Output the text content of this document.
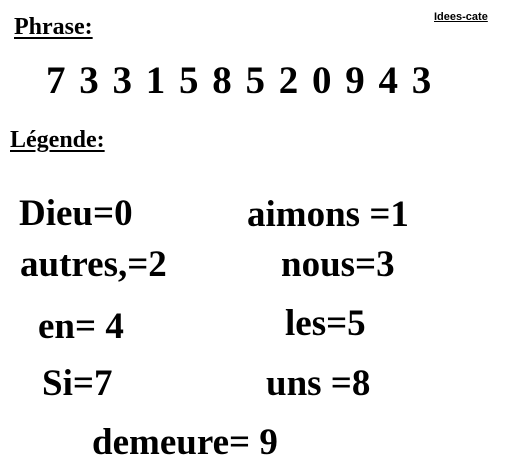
Phrase:	Idees-cate
7 3 3 1 5 8 5 2 0 9 4 3
Légende:
Dieu=0	aimons =1
autres,=2	nous=3
en= 4	les=5
Si=7	uns =8
demeure= 9
